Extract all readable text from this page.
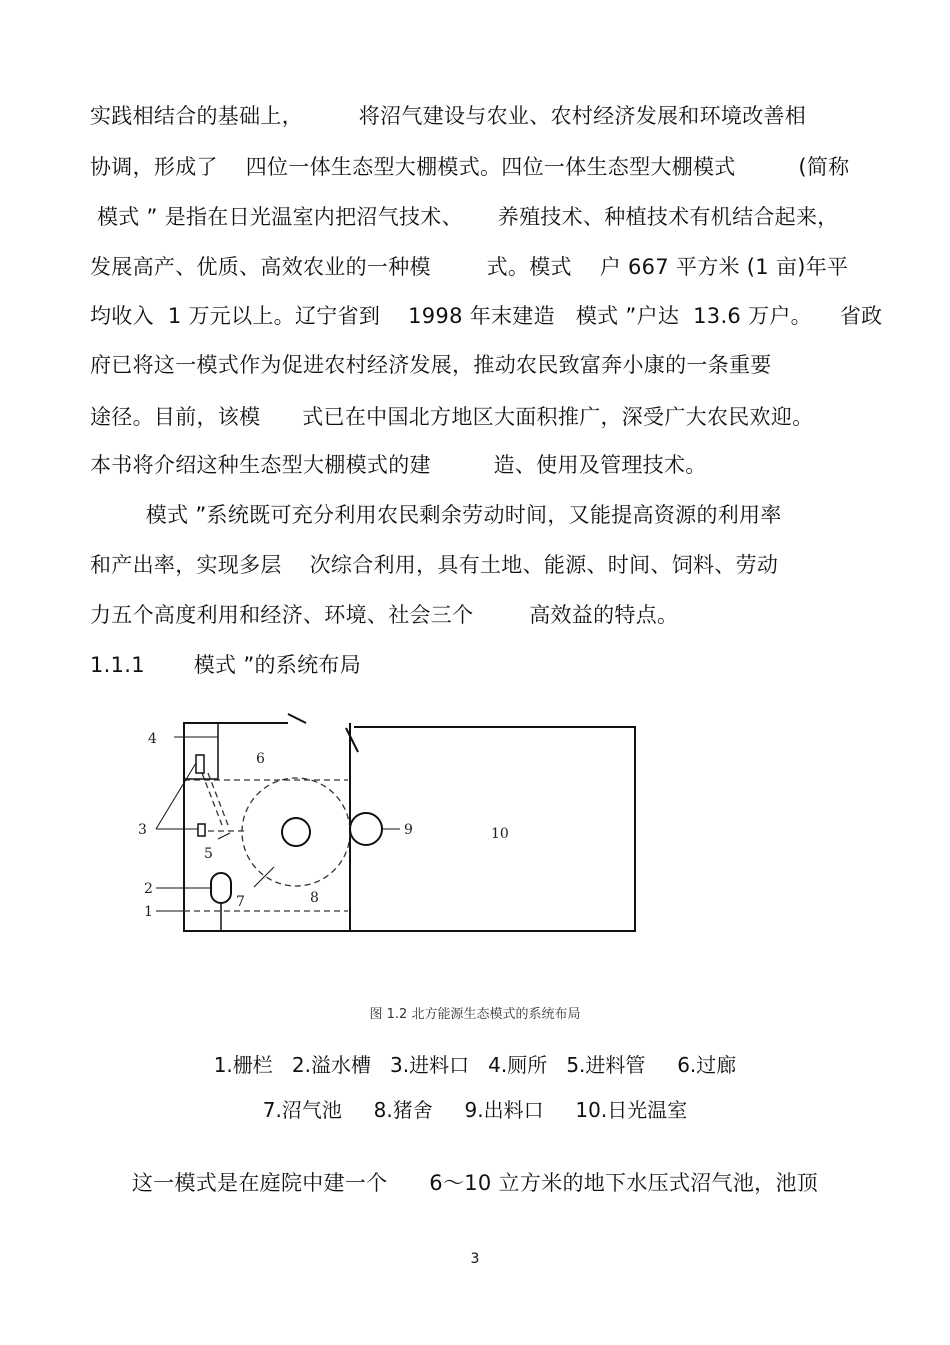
实践相结合的基础上，        将沼气建设与农业、农村经济发展和环境改善相
协调，形成了    四位一体生态型大棚模式。四位一体生态型大棚模式         (简称
模式 ” 是指在日光温室内把沼气技术、     养殖技术、种植技术有机结合起来，
发展高产、优质、高效农业的一种模        式。模式    户 667 平方米 (1 亩)年平
均收入  1 万元以上。辽宁省到    1998 年末建造   模式 ”户达  13.6 万户。    省政
府已将这一模式作为促进农村经济发展，推动农民致富奔小康的一条重要
途径。目前，该模      式已在中国北方地区大面积推广，深受广大农民欢迎。
本书将介绍这种生态型大棚模式的建         造、使用及管理技术。
模式 ”系统既可充分利用农民剩余劳动时间，又能提高资源的利用率
和产出率，实现多层    次综合利用，具有土地、能源、时间、饲料、劳动
力五个高度利用和经济、环境、社会三个        高效益的特点。
1.1.1       模式 ”的系统布局
1
2
3
4
5
6
7	8
9	10
图 1.2 北方能源生态模式的系统布局
1.栅栏   2.溢水槽   3.进料口   4.厕所   5.进料管     6.过廊
7.沼气池     8.猪舍     9.出料口     10.日光温室
这一模式是在庭院中建一个      6～10 立方米的地下水压式沼气池，池顶
3
